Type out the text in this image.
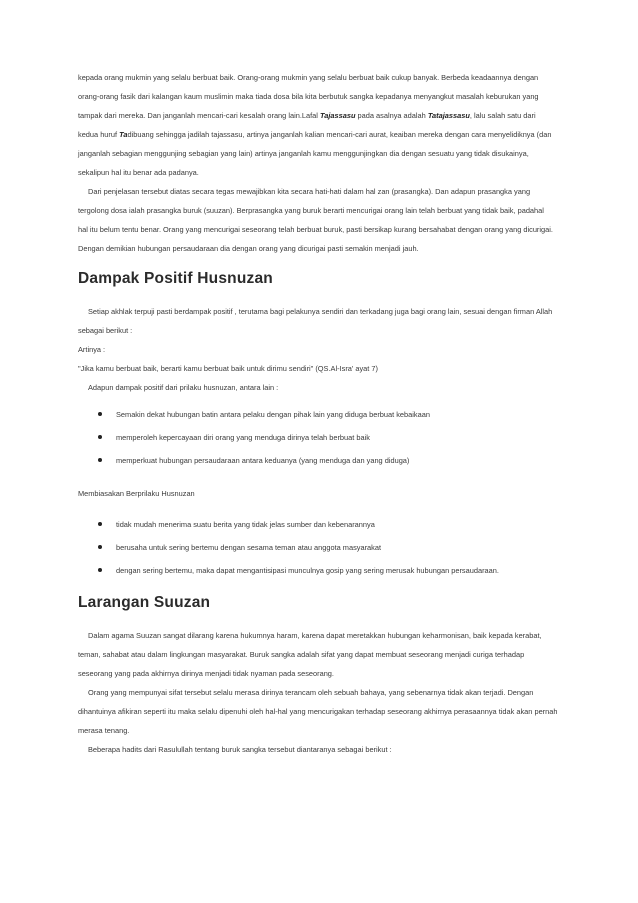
kepada orang mukmin yang selalu berbuat baik. Orang-orang mukmin yang selalu berbuat baik cukup banyak. Berbeda keadaannya dengan
orang-orang fasik dari kalangan kaum muslimin maka tiada dosa bila kita berbutuk sangka kepadanya menyangkut masalah keburukan yang
tampak dari mereka. Dan janganlah mencari-cari kesalah orang lain.Lafal Tajassasu pada asalnya adalah Tatajassasu, lalu salah satu dari
kedua huruf Tadibuang sehingga jadilah tajassasu, artinya janganlah kalian mencari-cari aurat, keaiban mereka dengan cara menyelidiknya (dan
janganlah sebagian menggunjing sebagian yang lain) artinya janganlah kamu menggunjingkan dia dengan sesuatu yang tidak disukainya,
sekalipun hal itu benar ada padanya.

Dari penjelasan tersebut diatas secara tegas mewajibkan kita secara hati-hati dalam hal zan (prasangka). Dan adapun prasangka yang
tergolong dosa ialah prasangka buruk (suuzan). Berprasangka yang buruk berarti mencurigai orang lain telah berbuat yang tidak baik, padahal
hal itu belum tentu benar. Orang yang mencurigai seseorang telah berbuat buruk, pasti bersikap kurang bersahabat dengan orang yang dicurigai.
Dengan demikian hubungan persaudaraan dia dengan orang yang dicurigai pasti semakin menjadi jauh.

Dampak Positif Husnuzan

Setiap akhlak terpuji pasti berdampak positif , terutama bagi pelakunya sendiri dan terkadang juga bagi orang lain, sesuai dengan firman Allah
sebagai berikut :

Artinya :

"Jika kamu berbuat baik, berarti kamu berbuat baik untuk dirimu sendiri" (QS.Al-Isra' ayat 7)

Adapun dampak positif dari prilaku husnuzan, antara lain :

Semakin dekat hubungan batin antara pelaku dengan pihak lain yang diduga berbuat kebaikaan
memperoleh kepercayaan diri orang yang menduga dirinya telah berbuat baik
memperkuat hubungan persaudaraan antara keduanya (yang menduga dan yang diduga)

Membiasakan Berprilaku Husnuzan

tidak mudah menerima suatu berita yang tidak jelas sumber dan kebenarannya
berusaha untuk sering bertemu dengan sesama teman atau anggota masyarakat
dengan sering bertemu, maka dapat mengantisipasi munculnya gosip yang sering merusak hubungan persaudaraan.
Larangan Suuzan

Dalam agama Suuzan sangat dilarang karena hukumnya haram, karena dapat meretakkan hubungan keharmonisan, baik kepada kerabat,
teman, sahabat atau dalam lingkungan masyarakat. Buruk sangka adalah sifat yang dapat membuat seseorang menjadi curiga terhadap
seseorang yang pada akhirnya dirinya menjadi tidak nyaman pada seseorang.

Orang yang mempunyai sifat tersebut selalu merasa dirinya terancam oleh sebuah bahaya, yang sebenarnya tidak akan terjadi. Dengan
dihantuinya afikiran seperti itu maka selalu dipenuhi oleh hal-hal yang mencurigakan terhadap seseorang akhirnya perasaannya tidak akan pernah
merasa tenang.

Beberapa hadits dari Rasulullah tentang buruk sangka tersebut diantaranya sebagai berikut :
